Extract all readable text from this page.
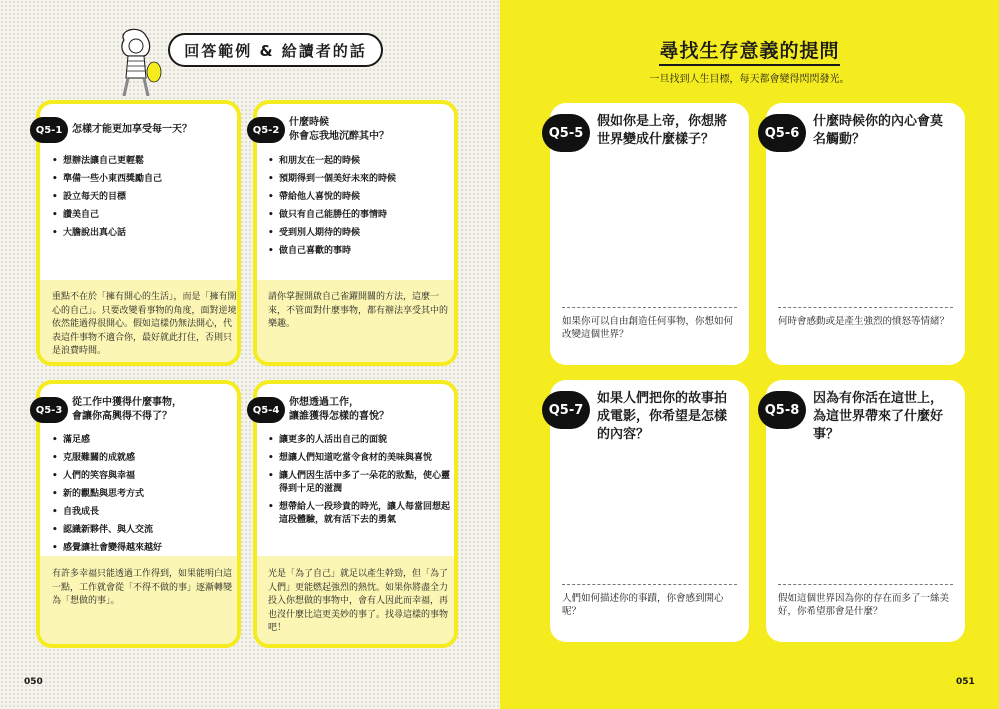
回答範例 & 給讀者的話
Q5-1 怎樣才能更加享受每一天？
• 想辦法讓自己更輕鬆
• 準備一些小東西獎勵自己
• 設立每天的目標
• 讚美自己
• 大膽說出真心話
重點不在於「擁有開心的生活」，而是「擁有開心的自己」。只要改變看事物的角度，面對逆境依然能過得很開心。假如這樣仍無法開心，代表這件事物不適合你，最好就此打住，否則只是浪費時間。
Q5-2
什麼時候
你會忘我地沉醉其中？
• 和朋友在一起的時候
• 預期得到一個美好未來的時候
• 帶給他人喜悅的時候
• 做只有自己能勝任的事情時
• 受到別人期待的時候
• 做自己喜歡的事時
請你掌握開啟自己雀躍開關的方法，這麼一來，不管面對什麼事物，都有辦法享受其中的樂趣。
Q5-3
從工作中獲得什麼事物，
會讓你高興得不得了？
• 滿足感
• 克服難關的成就感
• 人們的笑容與幸福
• 新的觀點與思考方式
• 自我成長
• 認識新夥伴、與人交流
• 感覺讓社會變得越來越好
有許多幸福只能透過工作得到，如果能明白這一點，工作就會從「不得不做的事」逐漸轉變為「想做的事」。
Q5-4
你想透過工作，
讓誰獲得怎樣的喜悅？
• 讓更多的人活出自己的面貌
• 想讓人們知道吃當令食材的美味與喜悅
• 讓人們因生活中多了一朵花的妝點，使心靈得到十足的滋潤
• 想帶給人一段珍貴的時光，讓人每當回想起這段體驗，就有活下去的勇氣
光是「為了自己」就足以產生幹勁，但「為了人們」更能燃起強烈的熱忱。如果你將盡全力投入你想做的事物中，會有人因此而幸福，再也沒什麼比這更美妙的事了。找尋這樣的事物吧！
050
尋找生存意義的提問
一旦找到人生目標，每天都會變得閃閃發光。
Q5-5
假如你是上帝，你想將世界變成什麼樣子？
如果你可以自由創造任何事物，你想如何改變這個世界？
Q5-6
什麼時候你的內心會莫名觸動？
何時會感動或是產生強烈的憤怒等情緒？
Q5-7
如果人們把你的故事拍成電影，你希望是怎樣的內容？
人們如何描述你的事蹟，你會感到開心呢？
Q5-8
因為有你活在這世上，為這世界帶來了什麼好事？
假如這個世界因為你的存在而多了一絲美好，你希望那會是什麼？
051
